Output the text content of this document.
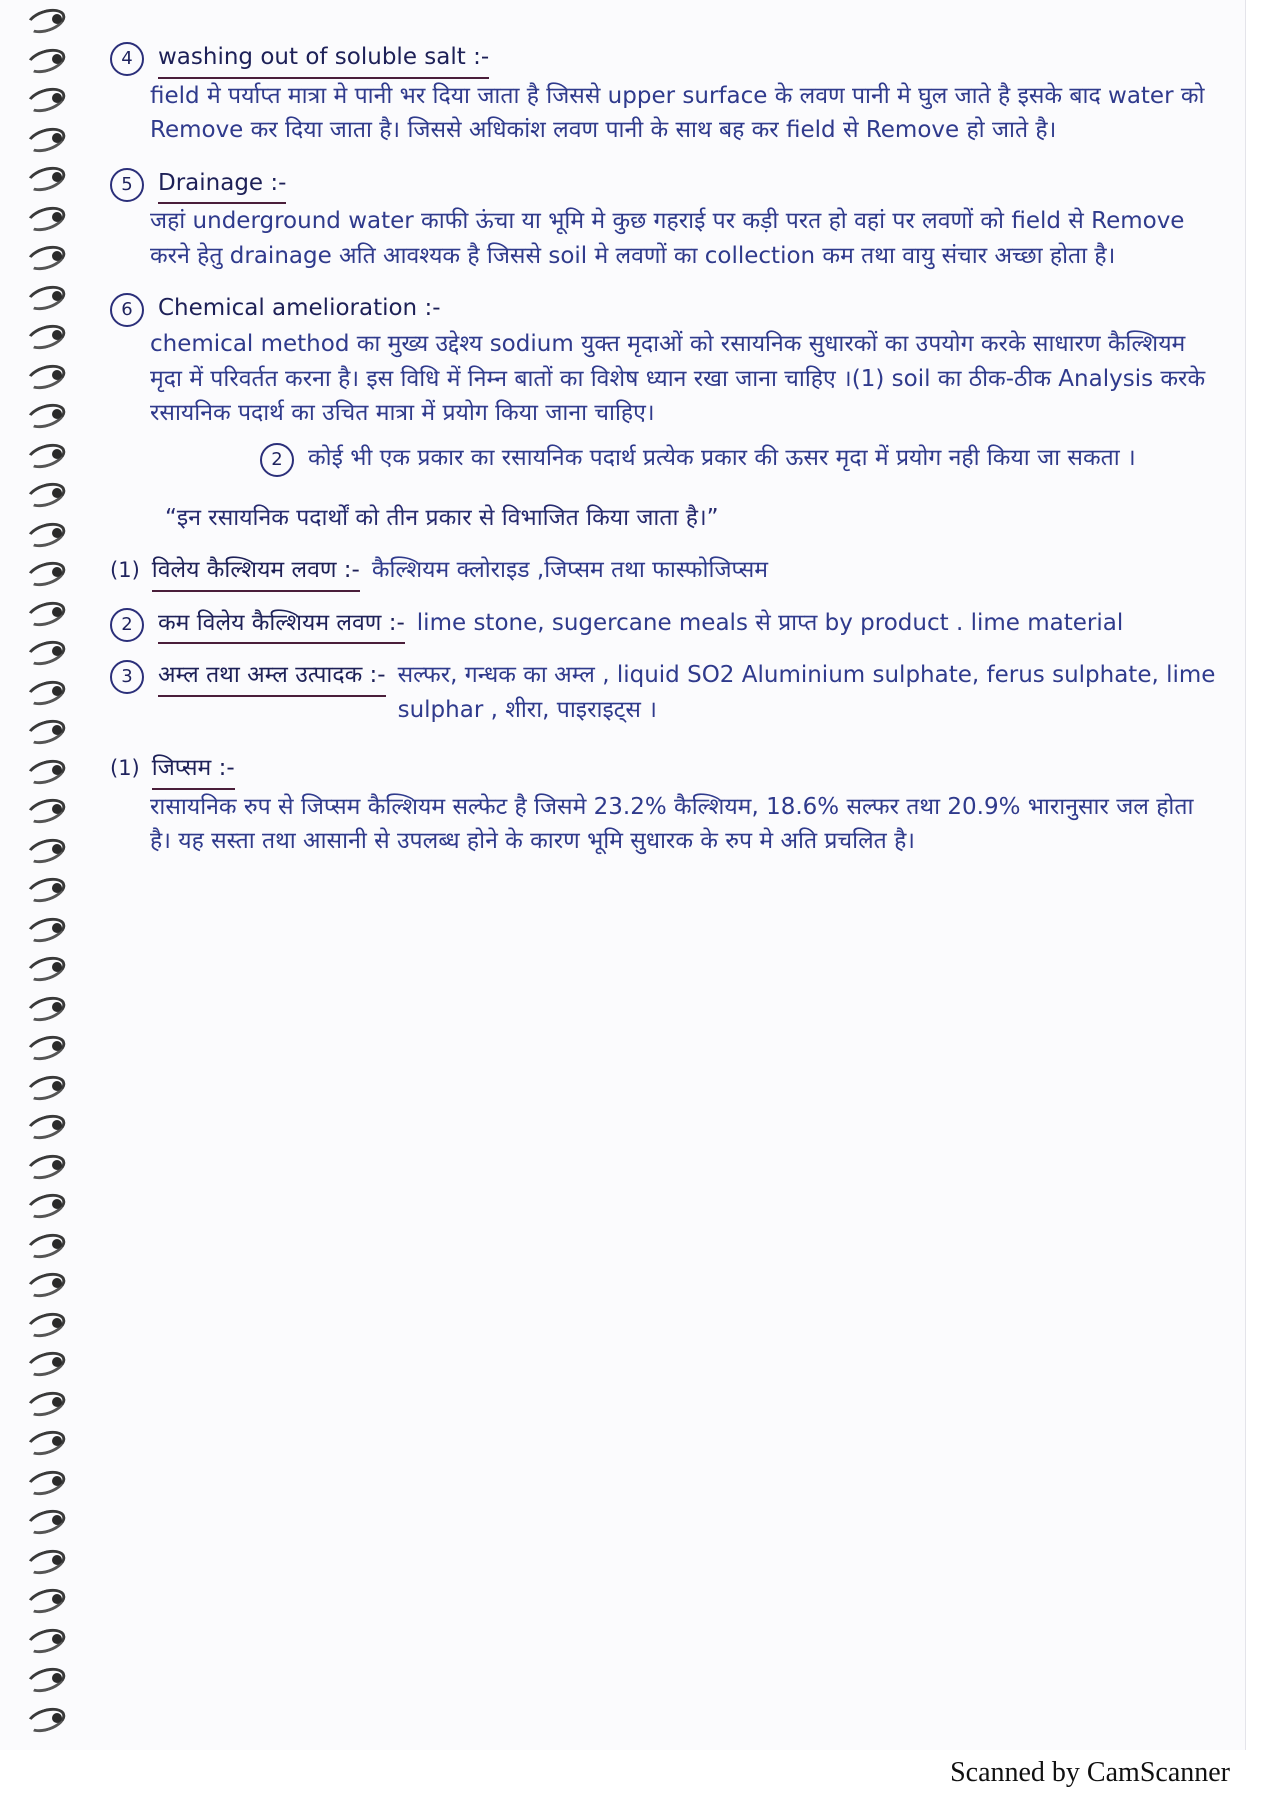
4	washing out of soluble salt :-
field मे पर्याप्त मात्रा मे पानी भर दिया जाता है जिससे upper surface के लवण पानी मे घुल जाते है इसके बाद water को Remove कर दिया जाता है। जिससे अधिकांश लवण पानी के साथ बह कर field से Remove हो जाते है।
5	Drainage :-
जहां underground water काफी ऊंचा या भूमि मे कुछ गहराई पर कड़ी परत हो वहां पर लवणों को field से Remove करने हेतु drainage अति आवश्यक है जिससे soil मे लवणों का collection कम तथा वायु संचार अच्छा होता है।
6	Chemical amelioration :-
chemical method का मुख्य उद्देश्य sodium युक्त मृदाओं को रसायनिक सुधारकों का उपयोग करके साधारण कैल्शियम मृदा में परिवर्तत करना है। इस विधि में निम्न बातों का विशेष ध्यान रखा जाना चाहिए ।(1) soil का ठीक-ठीक Analysis करके रसायनिक पदार्थ का उचित मात्रा में प्रयोग किया जाना चाहिए।
2	कोई भी एक प्रकार का रसायनिक पदार्थ प्रत्येक प्रकार की ऊसर मृदा में प्रयोग नही किया जा सकता ।
“इन रसायनिक पदार्थों को तीन प्रकार से विभाजित किया जाता है।”
(1) विलेय कैल्शियम लवण :- कैल्शियम क्लोराइड ,जिप्सम तथा फास्फोजिप्सम
2	कम विलेय कैल्शियम लवण :- lime stone, sugercane meals से प्राप्त by product . lime material
3	अम्ल तथा अम्ल उत्पादक :- सल्फर, गन्धक का अम्ल , liquid SO2 Aluminium sulphate, ferus sulphate, lime sulphar , शीरा, पाइराइट्स ।
(1) जिप्सम :-
रासायनिक रुप से जिप्सम कैल्शियम सल्फेट है जिसमे 23.2% कैल्शियम, 18.6% सल्फर तथा 20.9% भारानुसार जल होता है। यह सस्ता तथा आसानी से उपलब्ध होने के कारण भूमि सुधारक के रुप मे अति प्रचलित है।
Scanned by CamScanner
